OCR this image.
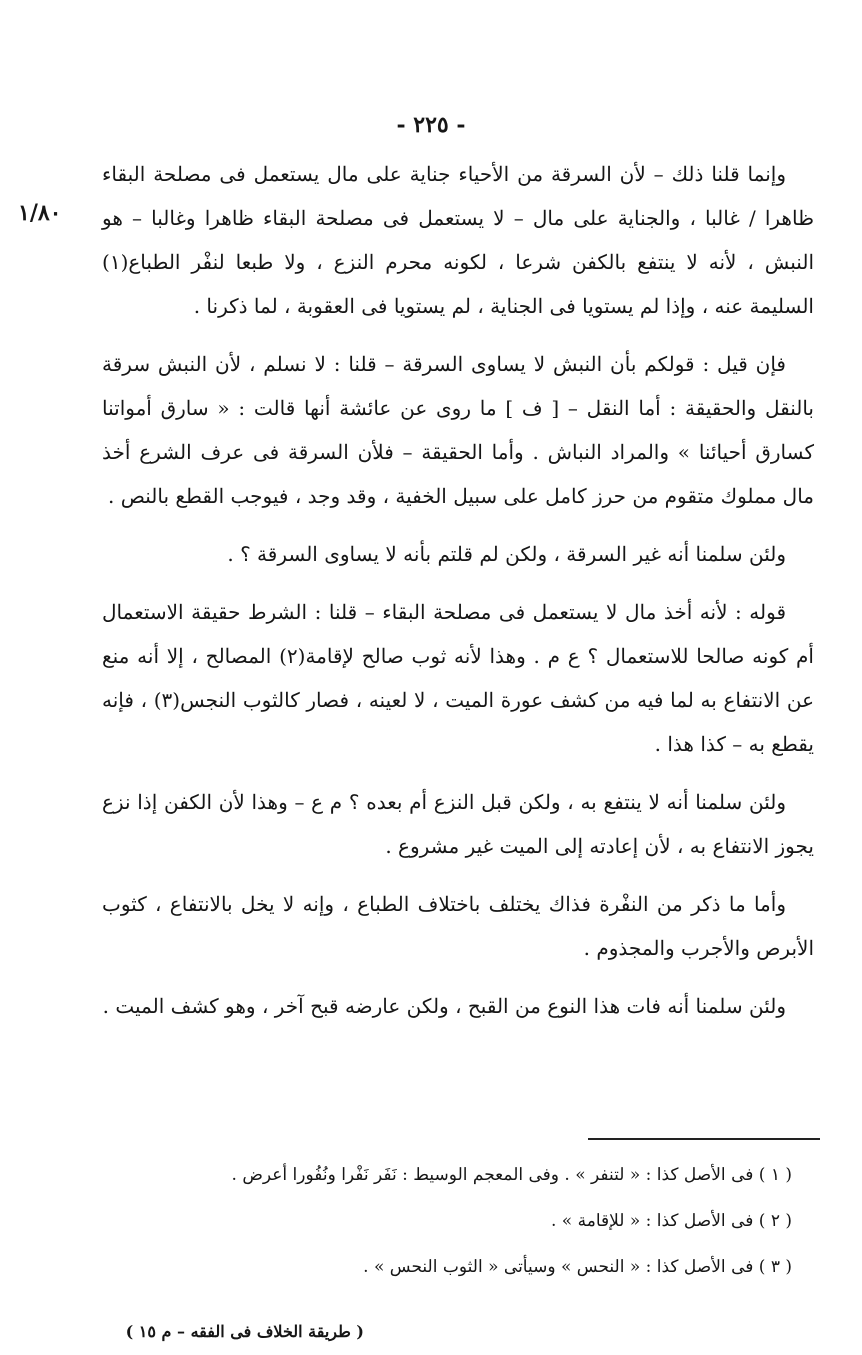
- ٢٢٥ -
١/٨٠

وإنما قلنا ذلك – لأن السرقة من الأحياء جناية على مال يستعمل فى مصلحة البقاء ظاهرا / غالبا ، والجناية على مال – لا يستعمل فى مصلحة البقاء ظاهرا وغالبا – هو النبش ، لأنه لا ينتفع بالكفن شرعا ، لكونه محرم النزع ، ولا طبعا لنفْر الطباع(١) السليمة عنه ، وإذا لم يستويا فى الجناية ، لم يستويا فى العقوبة ، لما ذكرنا .

فإن قيل : قولكم بأن النبش لا يساوى السرقة – قلنا : لا نسلم ، لأن النبش سرقة بالنقل والحقيقة : أما النقل – [ ف ] ما روى عن عائشة أنها قالت : « سارق أمواتنا كسارق أحيائنا » والمراد النباش . وأما الحقيقة – فلأن السرقة فى عرف الشرع أخذ مال مملوك متقوم من حرز كامل على سبيل الخفية ، وقد وجد ، فيوجب القطع بالنص .

ولئن سلمنا أنه غير السرقة ، ولكن لم قلتم بأنه لا يساوى السرقة ؟ .

قوله : لأنه أخذ مال لا يستعمل فى مصلحة البقاء – قلنا : الشرط حقيقة الاستعمال أم كونه صالحا للاستعمال ؟ ع م . وهذا لأنه ثوب صالح لإقامة(٢) المصالح ، إلا أنه منع عن الانتفاع به لما فيه من كشف عورة الميت ، لا لعينه ، فصار كالثوب النجس(٣) ، فإنه يقطع به – كذا هذا .

ولئن سلمنا أنه لا ينتفع به ، ولكن قبل النزع أم بعده ؟ م ع – وهذا لأن الكفن إذا نزع يجوز الانتفاع به ، لأن إعادته إلى الميت غير مشروع .

وأما ما ذكر من النفْرة فذاك يختلف باختلاف الطباع ، وإنه لا يخل بالانتفاع ، كثوب الأبرص والأجرب والمجذوم .

ولئن سلمنا أنه فات هذا النوع من القبح ، ولكن عارضه قبح آخر ، وهو كشف الميت .

( ١ ) فى الأصل كذا : « لتنفر » . وفى المعجم الوسيط : نَفَر نَفْرا ونُفُورا أعرض .

( ٢ ) فى الأصل كذا : « للإقامة » .

( ٣ ) فى الأصل كذا : « النحس » وسيأتى « الثوب النحس » .

( طريقة الخلاف فى الفقه – م ١٥ )
